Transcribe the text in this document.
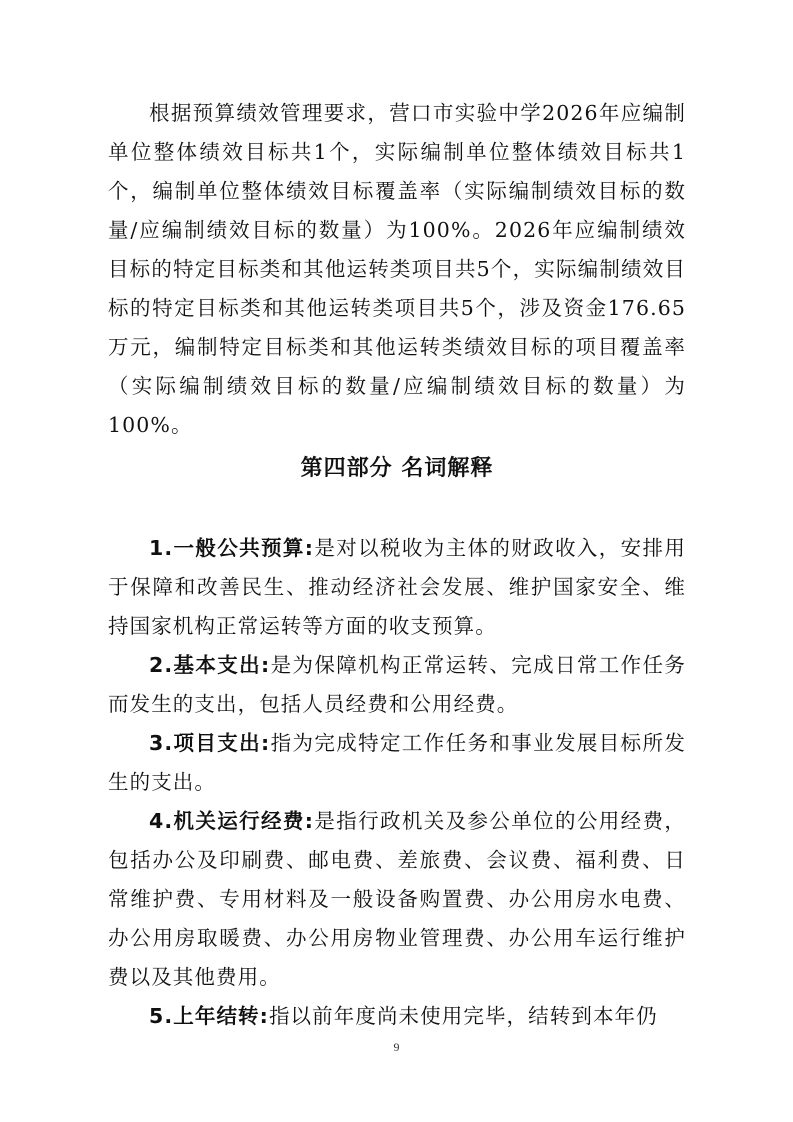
根据预算绩效管理要求，营口市实验中学2026年应编制单位整体绩效目标共1个，实际编制单位整体绩效目标共1个，编制单位整体绩效目标覆盖率（实际编制绩效目标的数量/应编制绩效目标的数量）为100%。2026年应编制绩效目标的特定目标类和其他运转类项目共5个，实际编制绩效目标的特定目标类和其他运转类项目共5个，涉及资金176.65万元，编制特定目标类和其他运转类绩效目标的项目覆盖率（实际编制绩效目标的数量/应编制绩效目标的数量）为100%。

第四部分 名词解释

1.一般公共预算:是对以税收为主体的财政收入，安排用于保障和改善民生、推动经济社会发展、维护国家安全、维持国家机构正常运转等方面的收支预算。

2.基本支出:是为保障机构正常运转、完成日常工作任务而发生的支出，包括人员经费和公用经费。

3.项目支出:指为完成特定工作任务和事业发展目标所发生的支出。

4.机关运行经费:是指行政机关及参公单位的公用经费，包括办公及印刷费、邮电费、差旅费、会议费、福利费、日常维护费、专用材料及一般设备购置费、办公用房水电费、办公用房取暖费、办公用房物业管理费、办公用车运行维护费以及其他费用。

5.上年结转:指以前年度尚未使用完毕，结转到本年仍

9
